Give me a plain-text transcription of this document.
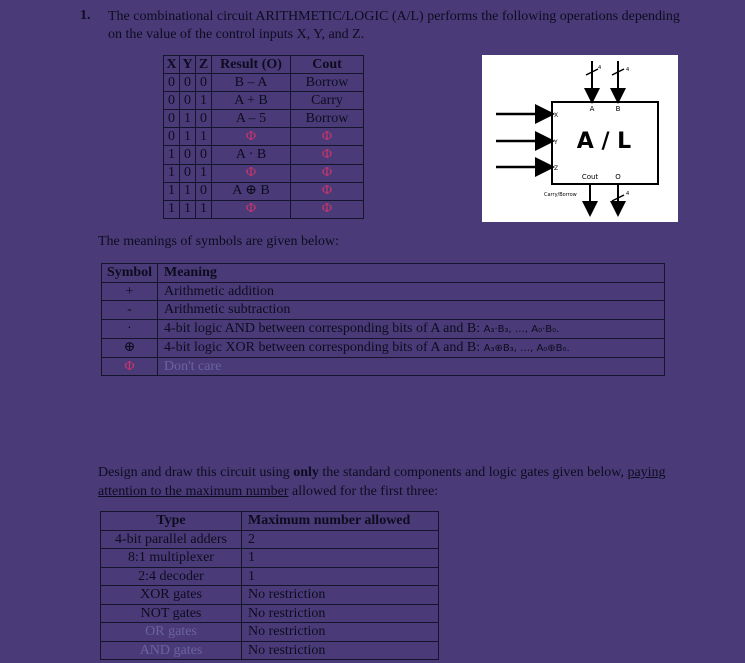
1. The combinational circuit ARITHMETIC/LOGIC (A/L) performs the following operations depending on the value of the control inputs X, Y, and Z.
X	Y	Z	Result (O)	Cout
0	0	0	B – A	Borrow
0	0	1	A + B	Carry
0	1	0	A – 5	Borrow
0	1	1	Φ	Φ
1	0	0	A · B	Φ
1	0	1	Φ	Φ
1	1	0	A ⊕ B	Φ
1	1	1	Φ	Φ
A / L
4
A
4
B
X
Y
Z
Cout O
4
Carry/Borrow
The meanings of symbols are given below:
Symbol	Meaning
+	Arithmetic addition
-	Arithmetic subtraction
·	4-bit logic AND between corresponding bits of A and B: A₃·B₃, …, A₀·B₀.
⊕	4-bit logic XOR between corresponding bits of A and B: A₃⊕B₃, …, A₀⊕B₀.
Φ	Don't care
Design and draw this circuit using only the standard components and logic gates given below, paying attention to the maximum number allowed for the first three:
Type	Maximum number allowed
4-bit parallel adders	2
8:1 multiplexer	1
2:4 decoder	1
XOR gates	No restriction
NOT gates	No restriction
OR gates	No restriction
AND gates	No restriction
